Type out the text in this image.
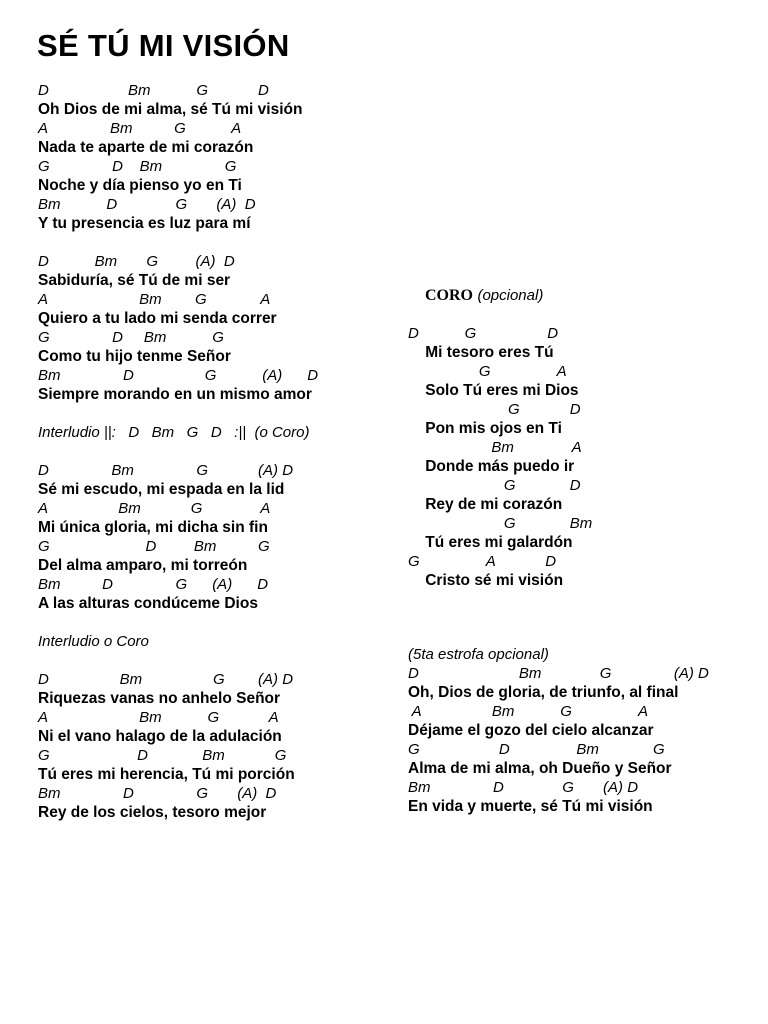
SÉ TÚ MI VISIÓN
D                   Bm           G            D
Oh Dios de mi alma, sé Tú mi visión
A               Bm          G           A
Nada te aparte de mi corazón
G               D    Bm               G
Noche y día pienso yo en Ti
Bm           D              G       (A)  D
Y tu presencia es luz para mí
D           Bm       G         (A)  D
Sabiduría, sé Tú de mi ser
A                      Bm        G             A
Quiero a tu lado mi senda correr
G               D     Bm           G
Como tu hijo tenme Señor
Bm               D                 G           (A)      D
Siempre morando en un mismo amor
Interludio ||:   D   Bm   G   D   :||  (o Coro)
D               Bm               G            (A) D
Sé mi escudo, mi espada en la lid
A                 Bm            G              A
Mi única gloria, mi dicha sin fin
G                       D         Bm          G
Del alma amparo, mi torreón
Bm          D               G      (A)      D
A las alturas condúceme Dios
Interludio o Coro
D                 Bm                 G        (A) D
Riquezas vanas no anhelo Señor
A                      Bm           G            A
Ni el vano halago de la adulación
G                     D             Bm            G
Tú eres mi herencia, Tú mi porción
Bm               D               G       (A)  D
Rey de los cielos, tesoro mejor
CORO (opcional)
D           G                 D
Mi tesoro eres Tú
G                A
Solo Tú eres mi Dios
G            D
Pon mis ojos en Ti
Bm              A
Donde más puedo ir
G             D
Rey de mi corazón
G             Bm
Tú eres mi galardón
G                A            D
Cristo sé mi visión
(5ta estrofa opcional)
D                        Bm              G               (A) D
Oh, Dios de gloria, de triunfo, al final
A                 Bm           G                A
Déjame el gozo del cielo alcanzar
G                   D                Bm             G
Alma de mi alma, oh Dueño y Señor
Bm               D              G       (A) D
En vida y muerte, sé Tú mi visión
